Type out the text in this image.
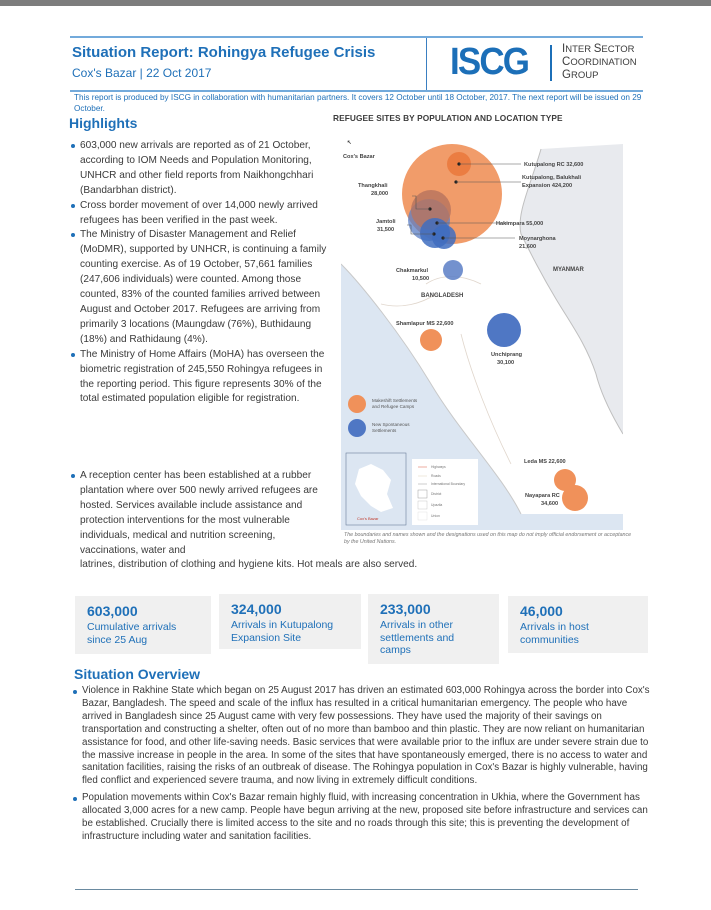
Situation Report: Rohingya Refugee Crisis
Cox's Bazar | 22 Oct 2017	ISCG	INTER SECTOR
COORDINATION
GROUP
This report is produced by ISCG in collaboration with humanitarian partners. It covers 12 October until 18 October, 2017. The next report will be issued on 29 October.
Highlights
603,000 new arrivals are reported as of 21 October, according to IOM Needs and Population Monitoring, UNHCR and other field reports from Naikhongchhari (Bandarbhan district).
Cross border movement of over 14,000 newly arrived refugees has been verified in the past week.
The Ministry of Disaster Management and Relief (MoDMR), supported by UNHCR, is continuing a family counting exercise. As of 19 October, 57,661 families (247,606 individuals) were counted. Among those counted, 83% of the counted families arrived between August and October 2017. Refugees are arriving from primarily 3 locations (Maungdaw (76%), Buthidaung (18%) and Rathidaung (4%).
The Ministry of Home Affairs (MoHA) has overseen the biometric registration of 245,550 Rohingya refugees in the reporting period. This figure represents 30% of the total estimated population eligible for registration.
A reception center has been established at a rubber plantation where over 500 newly arrived refugees are hosted. Services available include assistance and protection interventions for the most vulnerable individuals, medical and nutrition screening, vaccinations, water and
latrines, distribution of clothing and hygiene kits. Hot meals are also served.
REFUGEE SITES BY POPULATION AND LOCATION TYPE
↖
Cox's Bazar
Kutupalong RC 32,600
Kutupalong, Balukhali
Expansion 424,200
Thangkhali
28,000
Jamtoli
31,500
Hakimpara 55,000
Moynarghona
21,600
Chakmarkul
10,500
MYANMAR
BANGLADESH
Shamlapur MS 22,600
Unchiprang
30,100
Leda MS 22,600
Nayapara RC
34,600
Makeshift Settlements
and Refugee Camps
New Spontaneous
Settlements
Cox's Bazar
Highways
Roads
International Boundary
District
Upazila
Union
The boundaries and names shown and the designations used on this map do not imply official endorsement or acceptance by the United Nations.
603,000
Cumulative arrivals since 25 Aug
324,000
Arrivals in Kutupalong Expansion Site
233,000
Arrivals in other settlements and camps
46,000
Arrivals in host communities
Situation Overview
Violence in Rakhine State which began on 25 August 2017 has driven an estimated 603,000 Rohingya across the border into Cox's Bazar, Bangladesh. The speed and scale of the influx has resulted in a critical humanitarian emergency. The people who have arrived in Bangladesh since 25 August came with very few possessions. They have used the majority of their savings on transportation and constructing a shelter, often out of no more than bamboo and thin plastic. They are now reliant on humanitarian assistance for food, and other life-saving needs. Basic services that were available prior to the influx are under severe strain due to the massive increase in people in the area. In some of the sites that have spontaneously emerged, there is no access to water and sanitation facilities, raising the risks of an outbreak of disease. The Rohingya population in Cox's Bazar is highly vulnerable, having fled conflict and experienced severe trauma, and now living in extremely difficult conditions.
Population movements within Cox's Bazar remain highly fluid, with increasing concentration in Ukhia, where the Government has allocated 3,000 acres for a new camp. People have begun arriving at the new, proposed site before infrastructure and services can be established. Crucially there is limited access to the site and no roads through this site; this is preventing the development of infrastructure including water and sanitation facilities.
